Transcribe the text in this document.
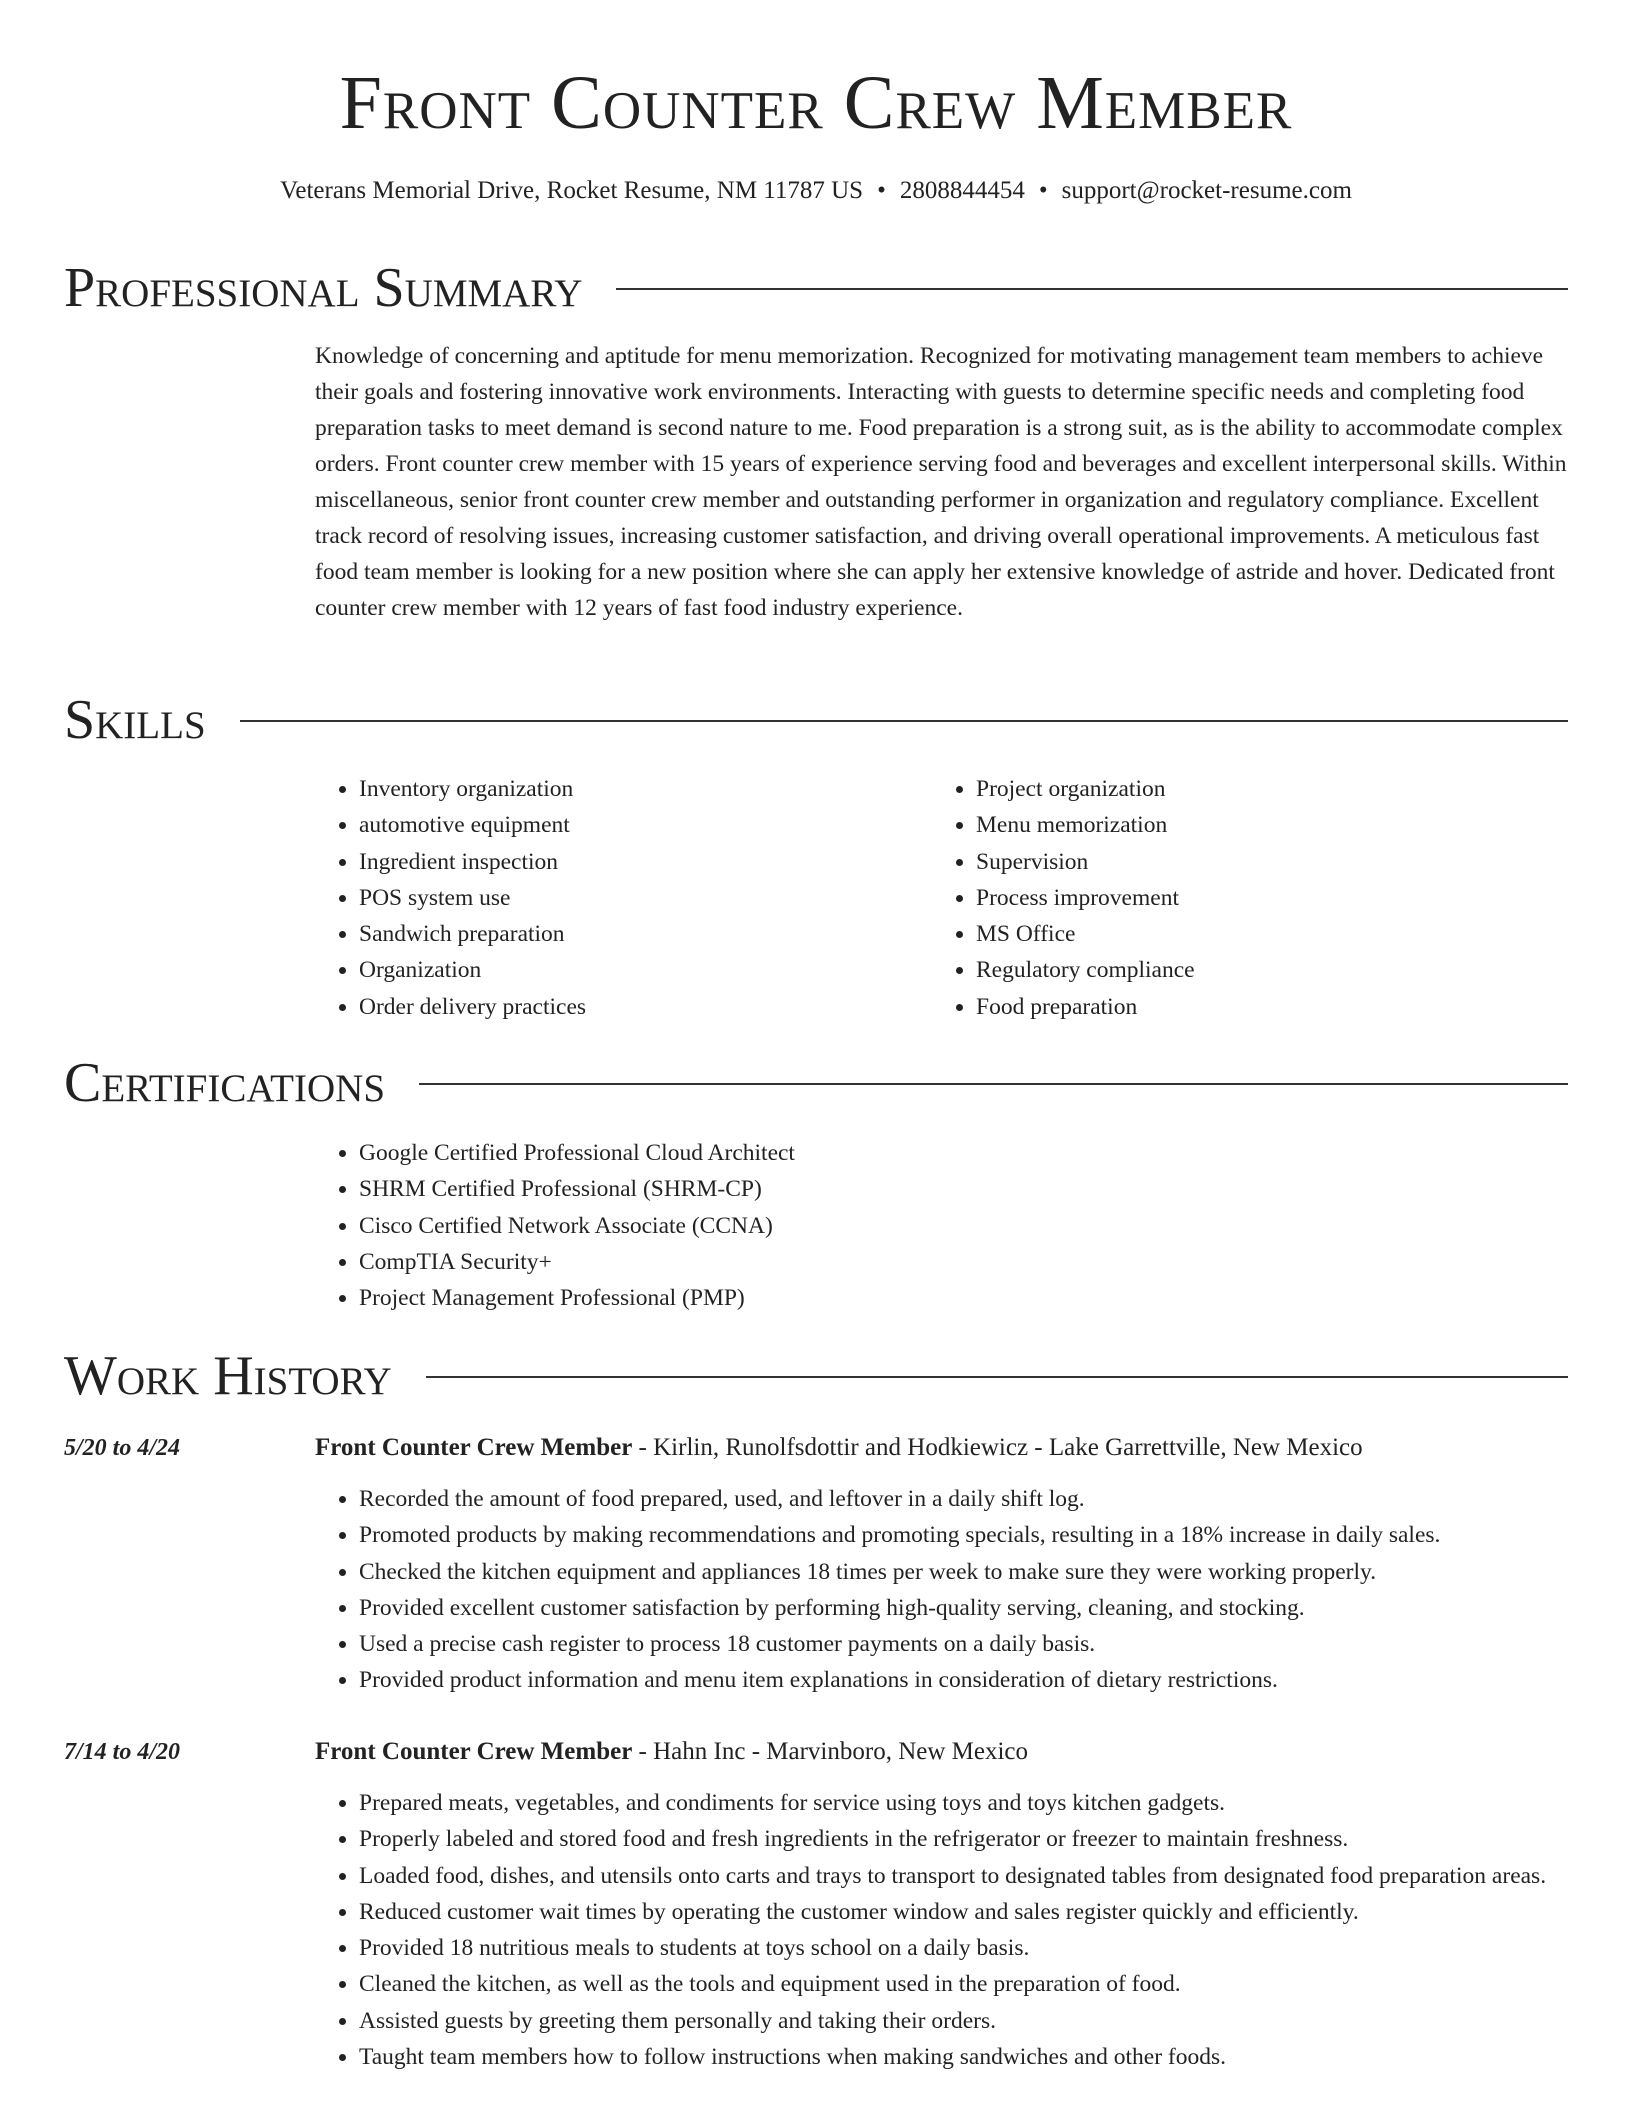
Front Counter Crew Member
Veterans Memorial Drive, Rocket Resume, NM 11787 US • 2808844454 • support@rocket-resume.com
Professional Summary

Knowledge of concerning and aptitude for menu memorization. Recognized for motivating management team members to achieve their goals and fostering innovative work environments. Interacting with guests to determine specific needs and completing food preparation tasks to meet demand is second nature to me. Food preparation is a strong suit, as is the ability to accommodate complex orders. Front counter crew member with 15 years of experience serving food and beverages and excellent interpersonal skills. Within miscellaneous, senior front counter crew member and outstanding performer in organization and regulatory compliance. Excellent track record of resolving issues, increasing customer satisfaction, and driving overall operational improvements. A meticulous fast food team member is looking for a new position where she can apply her extensive knowledge of astride and hover. Dedicated front counter crew member with 12 years of fast food industry experience.

Skills
• Inventory organization
• automotive equipment
• Ingredient inspection
• POS system use
• Sandwich preparation
• Organization
• Order delivery practices
• Project organization
• Menu memorization
• Supervision
• Process improvement
• MS Office
• Regulatory compliance
• Food preparation
Certifications
• Google Certified Professional Cloud Architect
• SHRM Certified Professional (SHRM-CP)
• Cisco Certified Network Associate (CCNA)
• CompTIA Security+
• Project Management Professional (PMP)
Work History
5/20 to 4/24	Front Counter Crew Member - Kirlin, Runolfsdottir and Hodkiewicz - Lake Garrettville, New Mexico
• Recorded the amount of food prepared, used, and leftover in a daily shift log.
• Promoted products by making recommendations and promoting specials, resulting in a 18% increase in daily sales.
• Checked the kitchen equipment and appliances 18 times per week to make sure they were working properly.
• Provided excellent customer satisfaction by performing high-quality serving, cleaning, and stocking.
• Used a precise cash register to process 18 customer payments on a daily basis.
• Provided product information and menu item explanations in consideration of dietary restrictions.
7/14 to 4/20	Front Counter Crew Member - Hahn Inc - Marvinboro, New Mexico
• Prepared meats, vegetables, and condiments for service using toys and toys kitchen gadgets.
• Properly labeled and stored food and fresh ingredients in the refrigerator or freezer to maintain freshness.
• Loaded food, dishes, and utensils onto carts and trays to transport to designated tables from designated food preparation areas.
• Reduced customer wait times by operating the customer window and sales register quickly and efficiently.
• Provided 18 nutritious meals to students at toys school on a daily basis.
• Cleaned the kitchen, as well as the tools and equipment used in the preparation of food.
• Assisted guests by greeting them personally and taking their orders.
• Taught team members how to follow instructions when making sandwiches and other foods.
